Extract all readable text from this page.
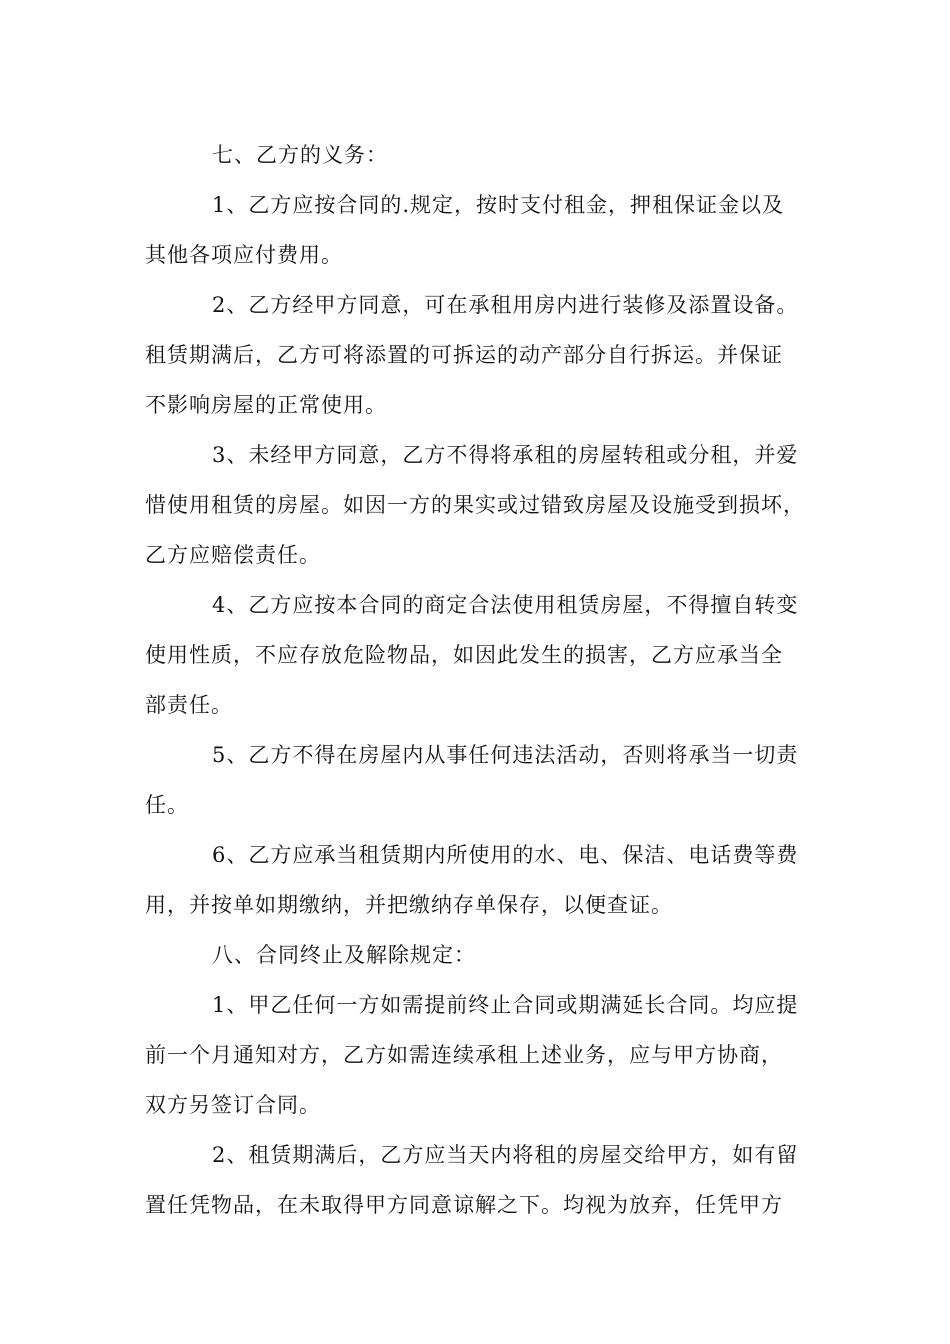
七、乙方的义务：
1、乙方应按合同的.规定，按时支付租金，押租保证金以及
其他各项应付费用。
2、乙方经甲方同意，可在承租用房内进行装修及添置设备。
租赁期满后，乙方可将添置的可拆运的动产部分自行拆运。并保证
不影响房屋的正常使用。
3、未经甲方同意，乙方不得将承租的房屋转租或分租，并爱
惜使用租赁的房屋。如因一方的果实或过错致房屋及设施受到损坏，
乙方应赔偿责任。
4、乙方应按本合同的商定合法使用租赁房屋，不得擅自转变
使用性质，不应存放危险物品，如因此发生的损害，乙方应承当全
部责任。
5、乙方不得在房屋内从事任何违法活动，否则将承当一切责
任。
6、乙方应承当租赁期内所使用的水、电、保洁、电话费等费
用，并按单如期缴纳，并把缴纳存单保存，以便查证。
八、合同终止及解除规定：
1、甲乙任何一方如需提前终止合同或期满延长合同。均应提
前一个月通知对方，乙方如需连续承租上述业务，应与甲方协商，
双方另签订合同。
2、租赁期满后，乙方应当天内将租的房屋交给甲方，如有留
置任凭物品，在未取得甲方同意谅解之下。均视为放弃，任凭甲方
